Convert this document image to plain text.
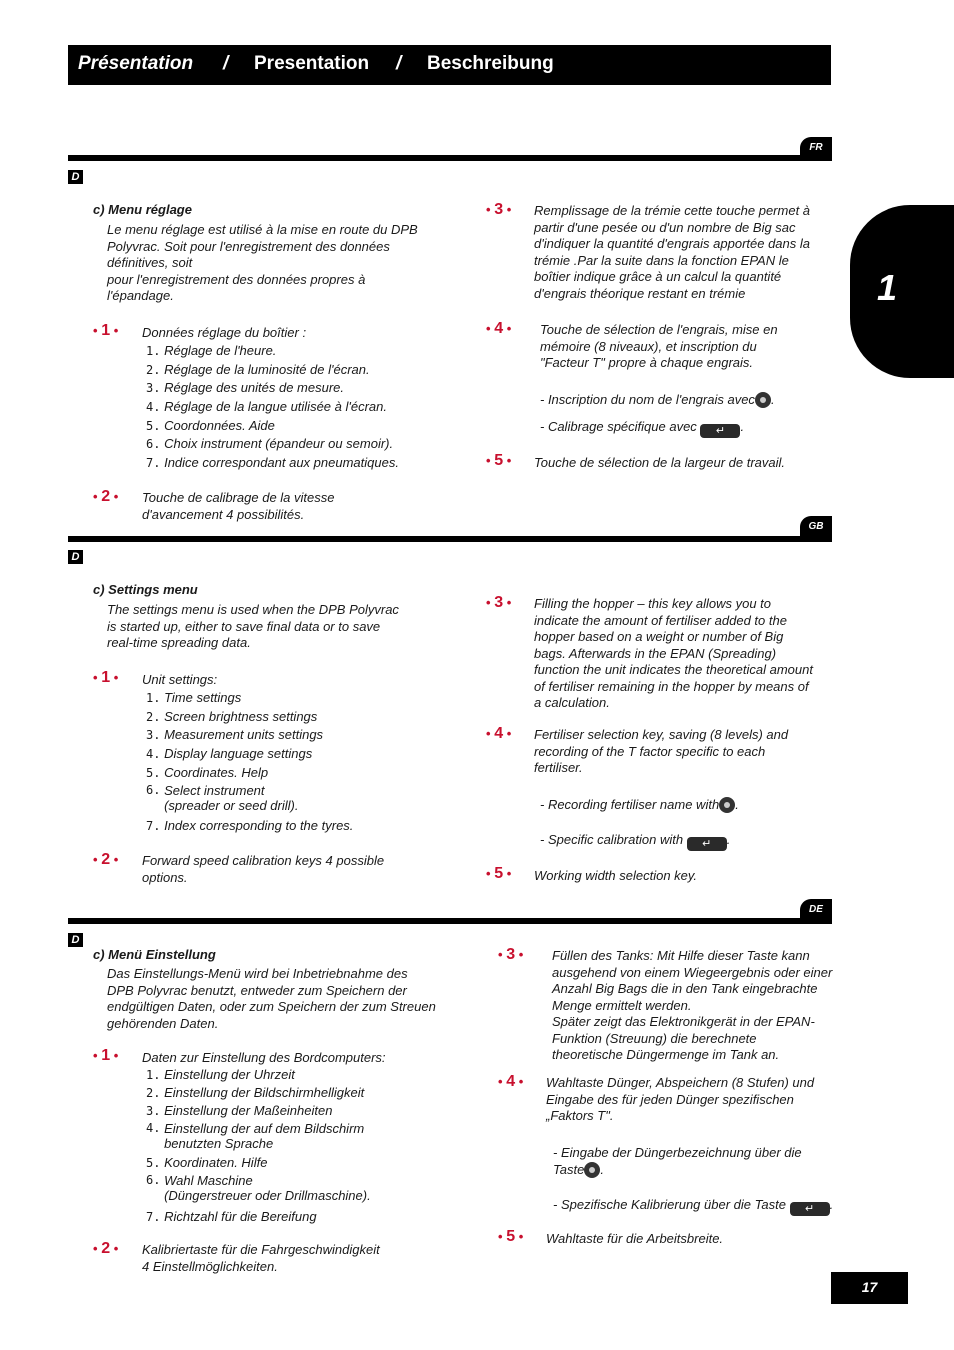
Présentation / Presentation / Beschreibung
1
FR
D
c) Menu réglage

Le menu réglage est utilisé à la mise en route du DPB
Polyvrac. Soit pour l'enregistrement des données
définitives, soit
pour l'enregistrement des données propres à
l'épandage.

• 1 • Données réglage du boîtier :
1. Réglage de l'heure.
2. Réglage de la luminosité de l'écran.
3. Réglage des unités de mesure.
4. Réglage de la langue utilisée à l'écran.
5. Coordonnées. Aide
6. Choix instrument (épandeur ou semoir).
7. Indice correspondant aux pneumatiques.
• 2 • Touche de calibrage de la vitesse
d'avancement 4 possibilités.

• 3 • Remplissage de la trémie cette touche permet à
partir d'une pesée ou d'un nombre de Big sac
d'indiquer la quantité d'engrais apportée dans la
trémie .Par la suite dans la fonction EPAN le
boîtier indique grâce à un calcul la quantité
d'engrais théorique restant en trémie

• 4 • Touche de sélection de l'engrais, mise en
mémoire (8 niveaux), et inscription du
"Facteur T" propre à chaque engrais.

- Inscription du nom de l'engrais avec .
- Calibrage spécifique avec ↵ .
• 5 • Touche de sélection de la largeur de travail.
GB
D
c) Settings menu

The settings menu is used when the DPB Polyvrac
is started up, either to save final data or to save
real-time spreading data.

• 1 • Unit settings:
1. Time settings
2. Screen brightness settings
3. Measurement units settings
4. Display language settings
5. Coordinates. Help
6.
Select instrument
(spreader or seed drill).
7. Index corresponding to the tyres.
• 2 • Forward speed calibration keys 4 possible
options.

• 3 • Filling the hopper – this key allows you to
indicate the amount of fertiliser added to the
hopper based on a weight or number of Big
bags. Afterwards in the EPAN (Spreading)
function the unit indicates the theoretical amount
of fertiliser remaining in the hopper by means of
a calculation.

• 4 • Fertiliser selection key, saving (8 levels) and
recording of the T factor specific to each
fertiliser.

- Recording fertiliser name with .
- Specific calibration with ↵ .
• 5 • Working width selection key.
DE
D
c) Menü Einstellung

Das Einstellungs-Menü wird bei Inbetriebnahme des
DPB Polyvrac benutzt, entweder zum Speichern der
endgültigen Daten, oder zum Speichern der zum Streuen
gehörenden Daten.

• 1 • Daten zur Einstellung des Bordcomputers:
1. Einstellung der Uhrzeit
2. Einstellung der Bildschirmhelligkeit
3. Einstellung der Maßeinheiten
4.
Einstellung der auf dem Bildschirm
benutzten Sprache
5. Koordinaten. Hilfe
6.
Wahl Maschine
(Düngerstreuer oder Drillmaschine).
7. Richtzahl für die Bereifung
• 2 • Kalibriertaste für die Fahrgeschwindigkeit
4 Einstellmöglichkeiten.

• 3 • Füllen des Tanks: Mit Hilfe dieser Taste kann
ausgehend von einem Wiegeergebnis oder einer
Anzahl Big Bags die in den Tank eingebrachte
Menge ermittelt werden.
Später zeigt das Elektronikgerät in der EPAN-
Funktion (Streuung) die berechnete
theoretische Düngermenge im Tank an.

• 4 • Wahltaste Dünger, Abspeichern (8 Stufen) und
Eingabe des für jeden Dünger spezifischen
„Faktors T".

- Eingabe der Düngerbezeichnung über die
Taste .
- Spezifische Kalibrierung über die Taste ↵ .
• 5 • Wahltaste für die Arbeitsbreite.
17
